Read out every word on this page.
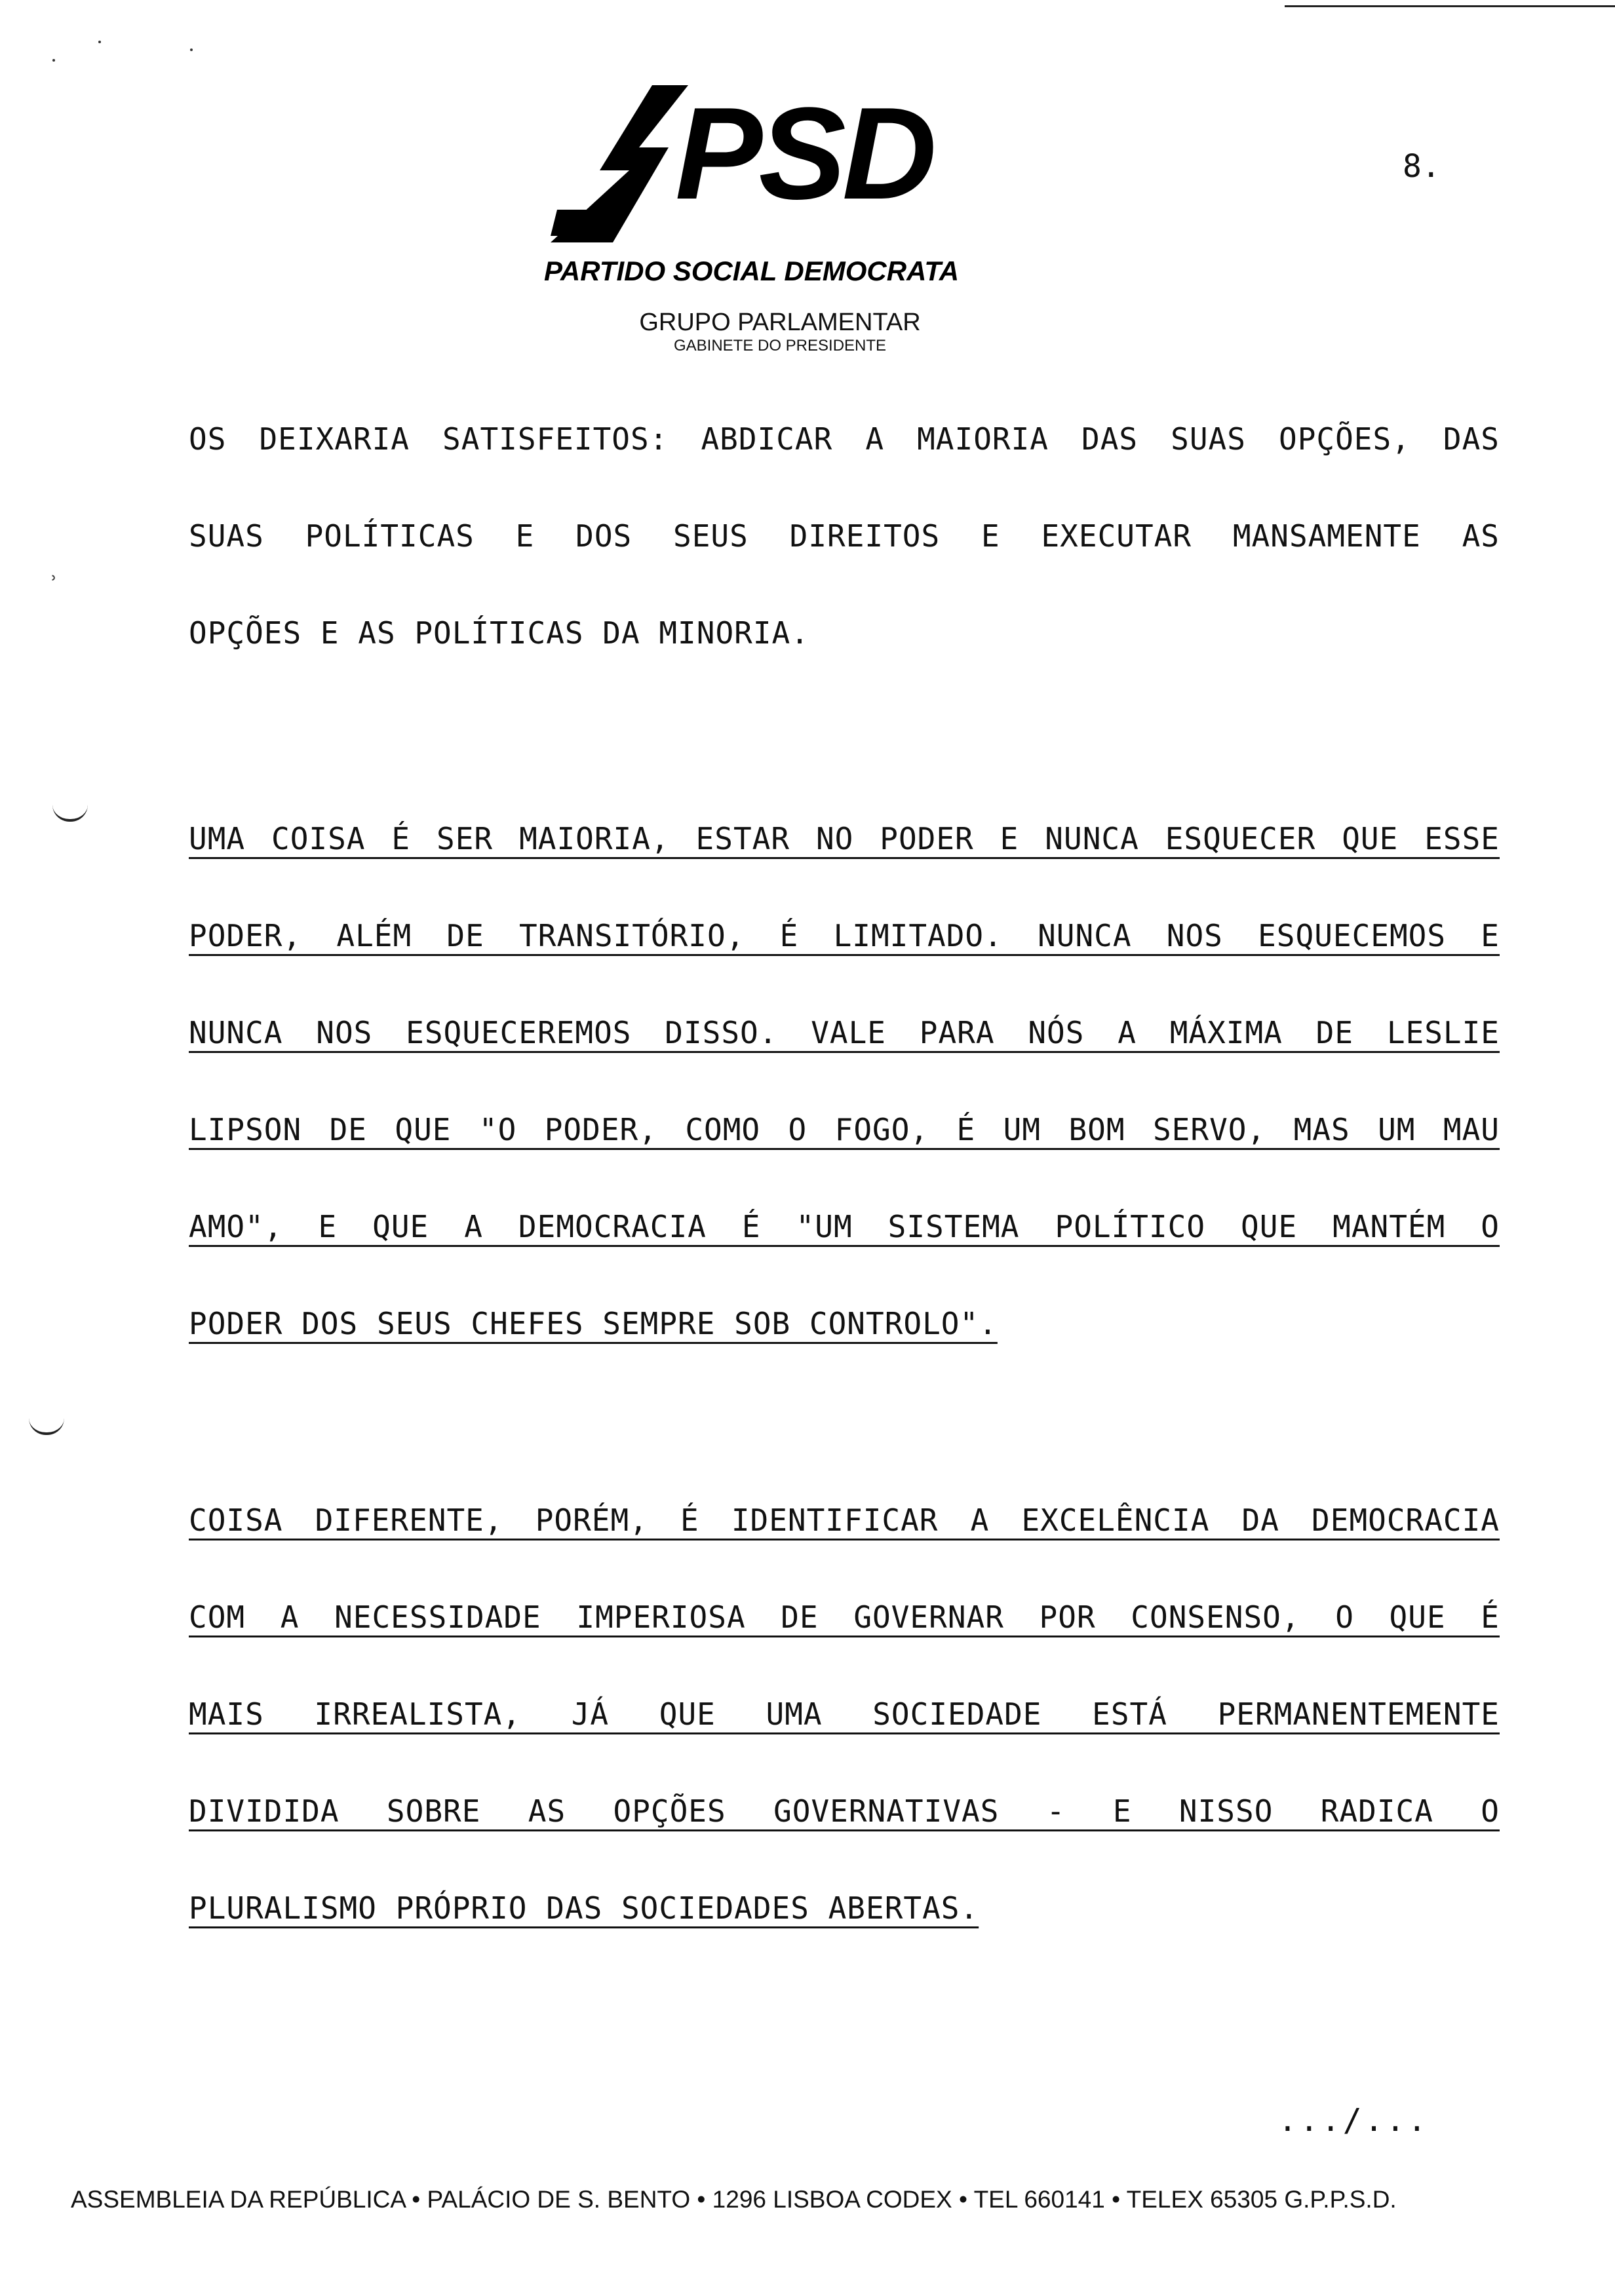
PSD
PARTIDO SOCIAL DEMOCRATA
GRUPO PARLAMENTAR
GABINETE DO PRESIDENTE
8.
OS DEIXARIA SATISFEITOS: ABDICAR A MAIORIA DAS SUAS OPÇÕES, DAS
SUAS POLÍTICAS E DOS SEUS DIREITOS E EXECUTAR MANSAMENTE AS
OPÇÕES E AS POLÍTICAS DA MINORIA.
ʾ
UMA COISA É SER MAIORIA, ESTAR NO PODER E NUNCA ESQUECER QUE ESSE
PODER, ALÉM DE TRANSITÓRIO, É LIMITADO. NUNCA NOS ESQUECEMOS E
NUNCA NOS ESQUECEREMOS DISSO. VALE PARA NÓS A MÁXIMA DE LESLIE
LIPSON DE QUE "O PODER, COMO O FOGO, É UM BOM SERVO, MAS UM MAU
AMO", E QUE A DEMOCRACIA É "UM SISTEMA POLÍTICO QUE MANTÉM O
PODER DOS SEUS CHEFES SEMPRE SOB CONTROLO".
COISA DIFERENTE, PORÉM, É IDENTIFICAR A EXCELÊNCIA DA DEMOCRACIA
COM A NECESSIDADE IMPERIOSA DE GOVERNAR POR CONSENSO, O QUE É
MAIS IRREALISTA, JÁ QUE UMA SOCIEDADE ESTÁ PERMANENTEMENTE
DIVIDIDA SOBRE AS OPÇÕES GOVERNATIVAS - E NISSO RADICA O
PLURALISMO PRÓPRIO DAS SOCIEDADES ABERTAS.
.../...
ASSEMBLEIA DA REPÚBLICA • PALÁCIO DE S. BENTO • 1296 LISBOA CODEX • TEL 660141 • TELEX 65305 G.P.P.S.D.
